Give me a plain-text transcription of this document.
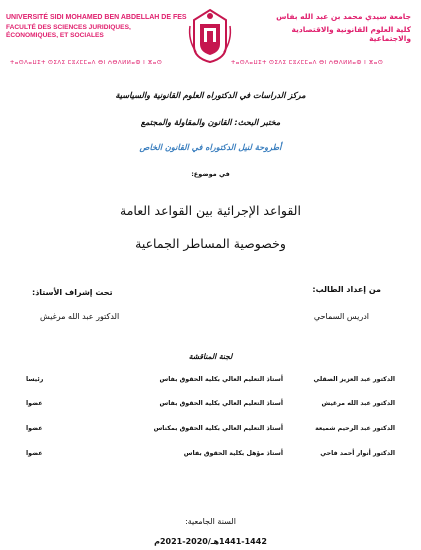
UNIVERSITÉ SIDI MOHAMED BEN ABDELLAH DE FES
FACULTÉ DES SCIENCES JURIDIQUES, ÉCONOMIQUES, ET SOCIALES
جامعة سيدي محمد بن عبد الله بفاس
كلية العلوم القانونية والاقتصادية والاجتماعية
ⵜⴰⵙⴷⴰⵡⵉⵜ ⵙⵉⴷⵉ ⵎⵓⵃⵎⵎⴰⴷ ⴱⵏ ⵄⴱⴷⵍⵍⴰⵀ ⵏ ⴼⴰⵙ	ⵜⴰⵙⴷⴰⵡⵉⵜ ⵙⵉⴷⵉ ⵎⵓⵃⵎⵎⴰⴷ ⴱⵏ ⵄⴱⴷⵍⵍⴰⵀ ⵏ ⴼⴰⵙ
مركز الدراسات في الدكتوراه العلوم القانونية والسياسية
مختبر البحث: القانون والمقاولة والمجتمع
أطروحة لنيل الدكتوراه في القانون الخاص
في موضوع:
القواعد الإجرائية بين القواعد العامة
وخصوصية المساطر الجماعية
من إعداد الطالب:
ادريس السماحي
تحت إشراف الأستاذ:
الدكتور عبد الله مرغيش
لجنة المناقشة
الدكتور عبد العزيز الصقلي
أستاذ التعليم العالي بكلية الحقوق بفاس
رئيسا
الدكتور عبد الله مرغيش
أستاذ التعليم العالي بكلية الحقوق بفاس
عضوا
الدكتور عبد الرحيم شميعة
أستاذ التعليم العالي بكلية الحقوق بمكناس
عضوا
الدكتور أنوار أحمد فاحي
أستاذ مؤهل بكلية الحقوق بفاس
عضوا
السنة الجامعية:
1441-1442هـ/2020-2021م
